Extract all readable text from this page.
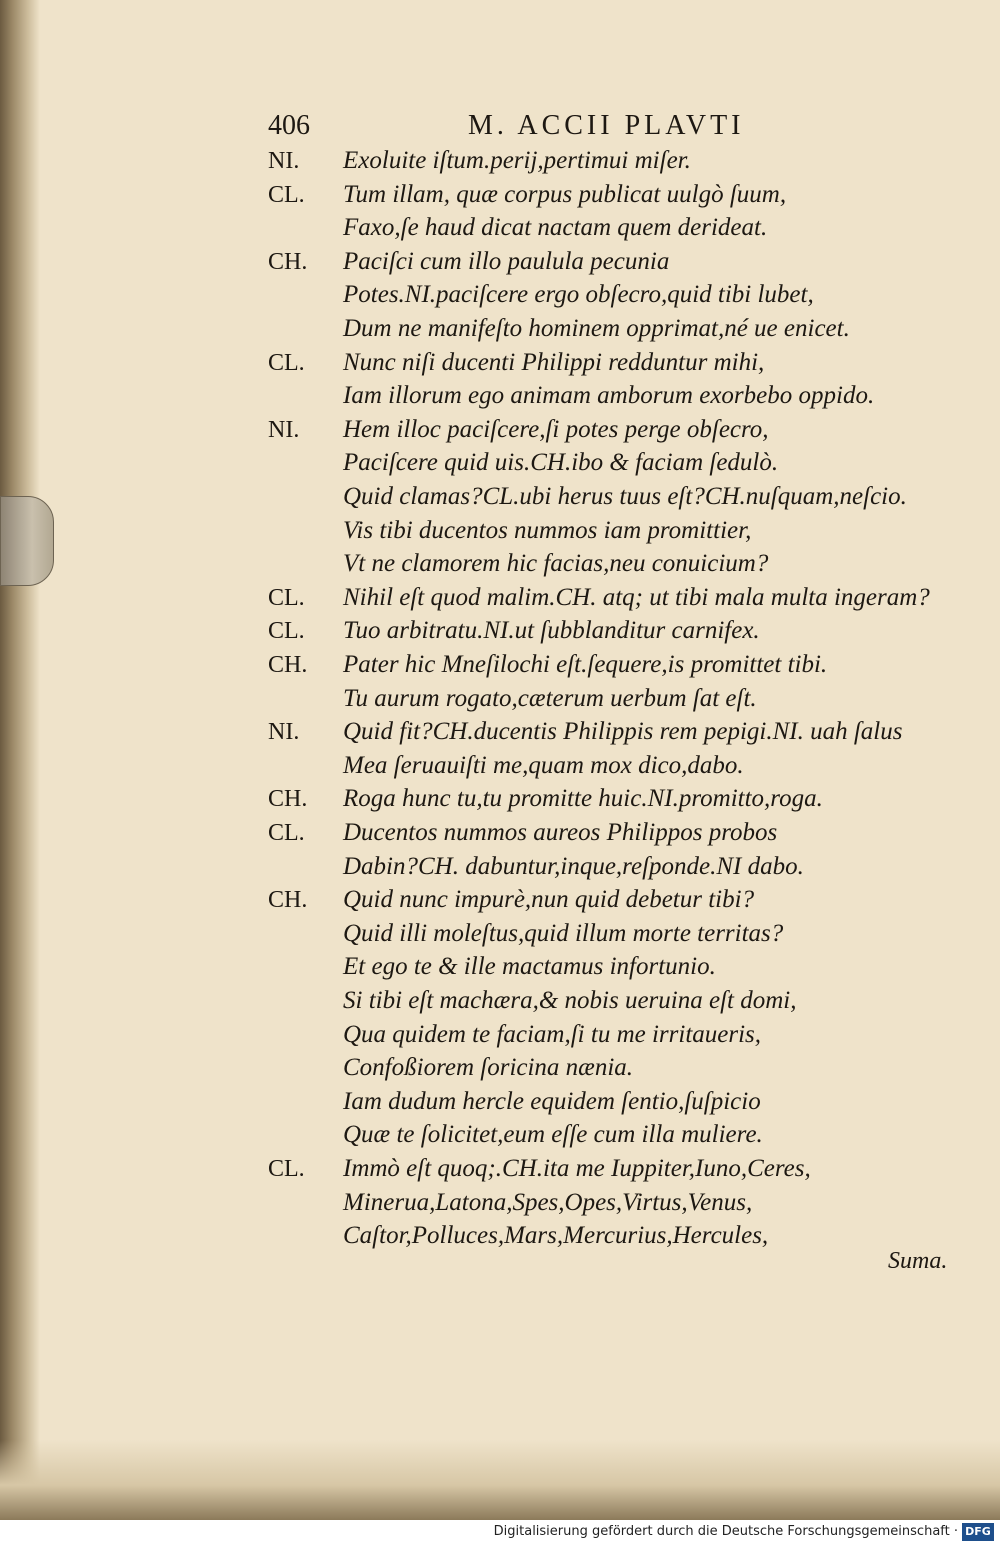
406	M. ACCII PLAVTI
NI.	Exoluite iſtum.perij,pertimui miſer.
CL.	Tum illam, quæ corpus publicat uulgò ſuum,
Faxo,ſe haud dicat nactam quem derideat.
CH.	Paciſci cum illo paulula pecunia
Potes.NI.paciſcere ergo obſecro,quid tibi lubet,
Dum ne manifeſto hominem opprimat,né ue enicet.
CL.	Nunc niſi ducenti Philippi redduntur mihi,
Iam illorum ego animam amborum exorbebo oppido.
NI.	Hem illoc paciſcere,ſi potes perge obſecro,
Paciſcere quid uis.CH.ibo & faciam ſedulò.
Quid clamas?CL.ubi herus tuus eſt?CH.nuſquam,neſcio.
Vis tibi ducentos nummos iam promittier,
Vt ne clamorem hic facias,neu conuicium?
CL.	Nihil eſt quod malim.CH. atq; ut tibi mala multa ingeram?
CL.	Tuo arbitratu.NI.ut ſubblanditur carnifex.
CH.	Pater hic Mneſilochi eſt.ſequere,is promittet tibi.
Tu aurum rogato,cæterum uerbum ſat eſt.
NI.	Quid fit?CH.ducentis Philippis rem pepigi.NI. uah ſalus
Mea ſeruauiſti me,quam mox dico,dabo.
CH.	Roga hunc tu,tu promitte huic.NI.promitto,roga.
CL.	Ducentos nummos aureos Philippos probos
Dabin?CH. dabuntur,inque,reſponde.NI dabo.
CH.	Quid nunc impurè,nun quid debetur tibi?
Quid illi moleſtus,quid illum morte territas?
Et ego te & ille mactamus infortunio.
Si tibi eſt machæra,& nobis ueruina eſt domi,
Qua quidem te faciam,ſi tu me irritaueris,
Confoßiorem ſoricina nænia.
Iam dudum hercle equidem ſentio,ſuſpicio
Quæ te ſolicitet,eum eſſe cum illa muliere.
CL.	Immò eſt quoq;.CH.ita me Iuppiter,Iuno,Ceres,
Minerua,Latona,Spes,Opes,Virtus,Venus,
Caſtor,Polluces,Mars,Mercurius,Hercules,
Suma.
Digitalisierung gefördert durch die Deutsche Forschungsgemeinschaft · DFG
